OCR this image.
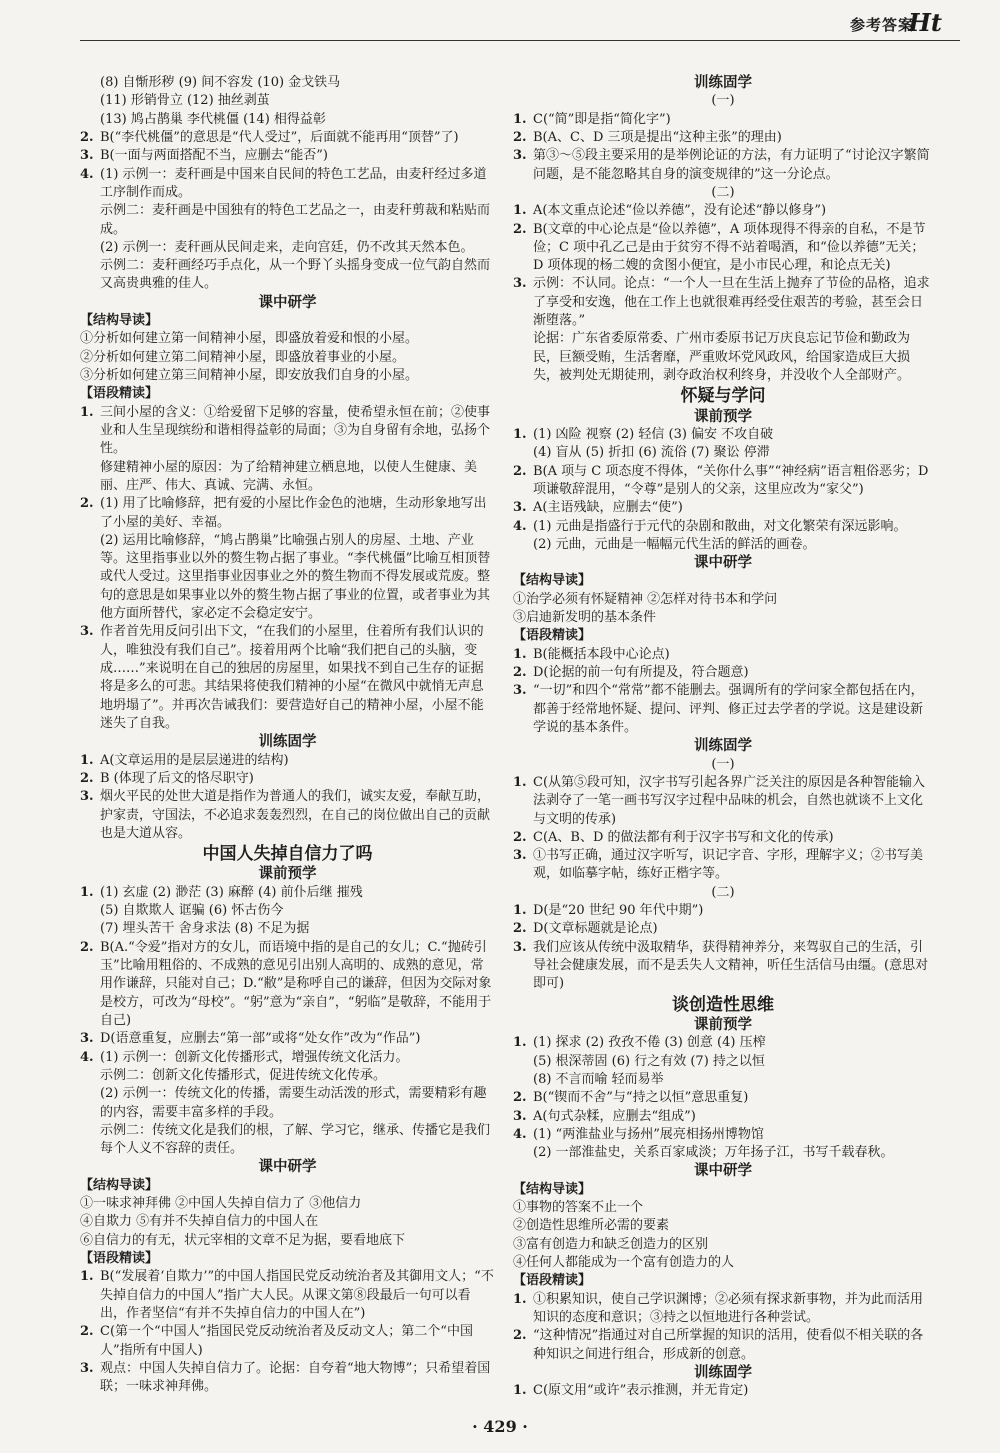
参考答案
Ht
(8) 自惭形秽 (9) 间不容发 (10) 金戈铁马
(11) 形销骨立 (12) 抽丝剥茧
(13) 鸠占鹊巢 李代桃僵 (14) 相得益彰
2. B(“李代桃僵”的意思是“代人受过”，后面就不能再用“顶替”了)
3. B(一面与两面搭配不当，应删去“能否”)
4. (1) 示例一：麦秆画是中国来自民间的特色工艺品，由麦秆经过多道工序制作而成。
示例二：麦秆画是中国独有的特色工艺品之一，由麦秆剪裁和粘贴而成。
(2) 示例一：麦秆画从民间走来，走向宫廷，仍不改其天然本色。
示例二：麦秆画经巧手点化，从一个野丫头摇身变成一位气韵自然而又高贵典雅的佳人。
课中研学
【结构导读】
①分析如何建立第一间精神小屋，即盛放着爱和恨的小屋。
②分析如何建立第二间精神小屋，即盛放着事业的小屋。
③分析如何建立第三间精神小屋，即安放我们自身的小屋。
【语段精读】
1. 三间小屋的含义：①给爱留下足够的容量，使希望永恒在前；②使事业和人生呈现缤纷和谐相得益彰的局面；③为自身留有余地，弘扬个性。
修建精神小屋的原因：为了给精神建立栖息地，以使人生健康、美丽、庄严、伟大、真诚、完满、永恒。
2. (1) 用了比喻修辞，把有爱的小屋比作金色的池塘，生动形象地写出了小屋的美好、幸福。
(2) 运用比喻修辞，“鸠占鹊巢”比喻强占别人的房屋、土地、产业等。这里指事业以外的赘生物占据了事业。“李代桃僵”比喻互相顶替或代人受过。这里指事业因事业之外的赘生物而不得发展或荒废。整句的意思是如果事业以外的赘生物占据了事业的位置，或者事业为其他方面所替代，家必定不会稳定安宁。
3. 作者首先用反问引出下文，“在我们的小屋里，住着所有我们认识的人，唯独没有我们自己”。接着用两个比喻“我们把自己的头脑，变成……”来说明在自己的独居的房屋里，如果找不到自己生存的证据将是多么的可悲。其结果将使我们精神的小屋“在微风中就悄无声息地坍塌了”。并再次告诫我们：要营造好自己的精神小屋，小屋不能迷失了自我。
训练固学
1. A(文章运用的是层层递进的结构)
2. B (体现了后文的恪尽职守)
3. 烟火平民的处世大道是指作为普通人的我们，诚实友爱，奉献互助，护家责，守国法，不必追求轰轰烈烈，在自己的岗位做出自己的贡献也是大道从容。
中国人失掉自信力了吗
课前预学
1. (1) 玄虚 (2) 渺茫 (3) 麻醉 (4) 前仆后继 摧残
(5) 自欺欺人 诓骗 (6) 怀古伤今
(7) 埋头苦干 舍身求法 (8) 不足为据
2. B(A.“令爱”指对方的女儿，而语境中指的是自己的女儿；C.“抛砖引玉”比喻用粗俗的、不成熟的意见引出别人高明的、成熟的意见，常用作谦辞，只能对自己；D.“敝”是称呼自己的谦辞，但因为交际对象是校方，可改为“母校”。“躬”意为“亲自”，“躬临”是敬辞，不能用于自己)
3. D(语意重复，应删去“第一部”或将“处女作”改为“作品”)
4. (1) 示例一：创新文化传播形式，增强传统文化活力。
示例二：创新文化传播形式，促进传统文化传承。
(2) 示例一：传统文化的传播，需要生动活泼的形式，需要精彩有趣的内容，需要丰富多样的手段。
示例二：传统文化是我们的根，了解、学习它，继承、传播它是我们每个人义不容辞的责任。
课中研学
【结构导读】
①一味求神拜佛 ②中国人失掉自信力了 ③他信力
④自欺力 ⑤有并不失掉自信力的中国人在
⑥自信力的有无，状元宰相的文章不足为据，要看地底下
【语段精读】
1. B(“发展着‘自欺力’”的中国人指国民党反动统治者及其御用文人；“不失掉自信力的中国人”指广大人民。从课文第⑧段最后一句可以看出，作者坚信“有并不失掉自信力的中国人在”)
2. C(第一个“中国人”指国民党反动统治者及反动文人；第二个“中国人”指所有中国人)
3. 观点：中国人失掉自信力了。论据：自夸着“地大物博”；只希望着国联；一味求神拜佛。
训练固学
(一)
1. C(“简”即是指“简化字”)
2. B(A、C、D 三项是提出“这种主张”的理由)
3. 第③～⑤段主要采用的是举例论证的方法，有力证明了“讨论汉字繁简问题，是不能忽略其自身的演变规律的”这一分论点。
(二)
1. A(本文重点论述“俭以养德”，没有论述“静以修身”)
2. B(文章的中心论点是“俭以养德”，A 项体现得不得亲的自私，不是节俭；C 项中孔乙己是由于贫穷不得不站着喝酒，和“俭以养德”无关；D 项体现的杨二嫂的贪图小便宜，是小市民心理，和论点无关)
3. 示例：不认同。论点：“一个人一旦在生活上抛弃了节俭的品格，追求了享受和安逸，他在工作上也就很难再经受住艰苦的考验，甚至会日渐堕落。”
论据：广东省委原常委、广州市委原书记万庆良忘记节俭和勤政为民，巨额受贿，生活奢靡，严重败坏党风政风，给国家造成巨大损失，被判处无期徒刑，剥夺政治权利终身，并没收个人全部财产。
怀疑与学问
课前预学
1. (1) 凶险 视察 (2) 轻信 (3) 偏安 不攻自破
(4) 盲从 (5) 折扣 (6) 流俗 (7) 聚讼 停滞
2. B(A 项与 C 项态度不得体，“关你什么事”“神经病”语言粗俗恶劣；D 项谦敬辞混用，“令尊”是别人的父亲，这里应改为“家父”)
3. A(主语残缺，应删去“使”)
4. (1) 元曲是指盛行于元代的杂剧和散曲，对文化繁荣有深远影响。
(2) 元曲，元曲是一幅幅元代生活的鲜活的画卷。
课中研学
【结构导读】
①治学必须有怀疑精神 ②怎样对待书本和学问
③启迪新发明的基本条件
【语段精读】
1. B(能概括本段中心论点)
2. D(论据的前一句有所提及，符合题意)
3. “一切”和四个“常常”都不能删去。强调所有的学问家全都包括在内，都善于经常地怀疑、提问、评判、修正过去学者的学说。这是建设新学说的基本条件。
训练固学
(一)
1. C(从第⑤段可知，汉字书写引起各界广泛关注的原因是各种智能输入法剥夺了一笔一画书写汉字过程中品味的机会，自然也就谈不上文化与文明的传承)
2. C(A、B、D 的做法都有利于汉字书写和文化的传承)
3. ①书写正确，通过汉字听写，识记字音、字形，理解字义；②书写美观，如临摹字帖，练好正楷字等。
(二)
1. D(是“20 世纪 90 年代中期”)
2. D(文章标题就是论点)
3. 我们应该从传统中汲取精华，获得精神养分，来驾驭自己的生活，引导社会健康发展，而不是丢失人文精神，听任生活信马由缰。(意思对即可)
谈创造性思维
课前预学
1. (1) 探求 (2) 孜孜不倦 (3) 创意 (4) 压榨
(5) 根深蒂固 (6) 行之有效 (7) 持之以恒
(8) 不言而喻 轻而易举
2. B(“锲而不舍”与“持之以恒”意思重复)
3. A(句式杂糅，应删去“组成”)
4. (1) “两淮盐业与扬州”展亮相扬州博物馆
(2) 一部淮盐史，关系百家咸淡；万年扬子江，书写千载春秋。
课中研学
【结构导读】
①事物的答案不止一个
②创造性思维所必需的要素
③富有创造力和缺乏创造力的区别
④任何人都能成为一个富有创造力的人
【语段精读】
1. ①积累知识，使自己学识渊博；②必须有探求新事物，并为此而活用知识的态度和意识；③持之以恒地进行各种尝试。
2. “这种情况”指通过对自己所掌握的知识的活用，使看似不相关联的各种知识之间进行组合，形成新的创意。
训练固学
1. C(原文用“或许”表示推测，并无肯定)
· 429 ·
